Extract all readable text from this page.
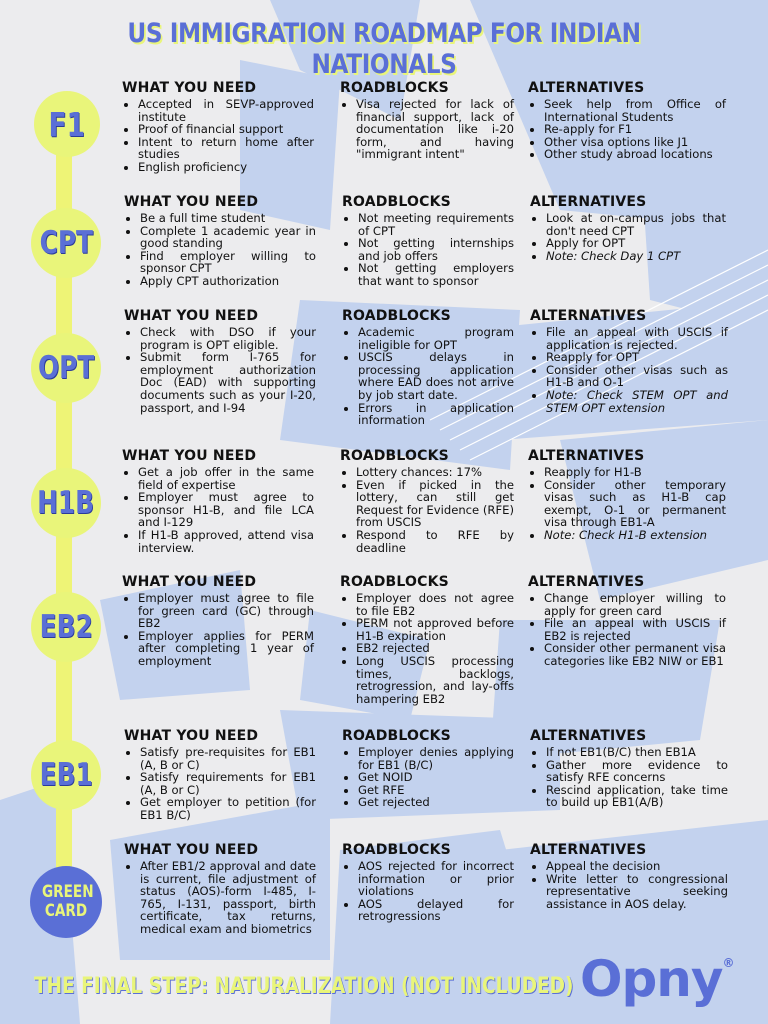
US IMMIGRATION ROADMAP FOR INDIAN NATIONALS
F1
CPT
OPT
H1B
EB2
EB1
GREEN CARD
WHAT YOU NEED
• Accepted in SEVP-approved institute
• Proof of financial support
• Intent to return home after studies
• English proficiency
ROADBLOCKS
• Visa rejected for lack of financial support, lack of documentation like i-20 form, and having "immigrant intent"
ALTERNATIVES
• Seek help from Office of International Students
• Re-apply for F1
• Other visa options like J1
• Other study abroad locations
WHAT YOU NEED
• Be a full time student
• Complete 1 academic year in good standing
• Find employer willing to sponsor CPT
• Apply CPT authorization
ROADBLOCKS
• Not meeting requirements of CPT
• Not getting internships and job offers
• Not getting employers that want to sponsor
ALTERNATIVES
• Look at on-campus jobs that don't need CPT
• Apply for OPT
• Note: Check Day 1 CPT
WHAT YOU NEED
• Check with DSO if your program is OPT eligible.
• Submit form I-765 for employment authorization Doc (EAD) with supporting documents such as your I-20, passport, and I-94
ROADBLOCKS
• Academic program ineligible for OPT
• USCIS delays in processing application where EAD does not arrive by job start date.
• Errors in application information
ALTERNATIVES
• File an appeal with USCIS if application is rejected.
• Reapply for OPT
• Consider other visas such as H1-B and O-1
• Note: Check STEM OPT and STEM OPT extension
WHAT YOU NEED
• Get a job offer in the same field of expertise
• Employer must agree to sponsor H1-B, and file LCA and I-129
• If H1-B approved, attend visa interview.
ROADBLOCKS
• Lottery chances: 17%
• Even if picked in the lottery, can still get Request for Evidence (RFE) from USCIS
• Respond to RFE by deadline
ALTERNATIVES
• Reapply for H1-B
• Consider other temporary visas such as H1-B cap exempt, O-1 or permanent visa through EB1-A
• Note: Check H1-B extension
WHAT YOU NEED
• Employer must agree to file for green card (GC) through EB2
• Employer applies for PERM after completing 1 year of employment
ROADBLOCKS
• Employer does not agree to file EB2
• PERM not approved before H1-B expiration
• EB2 rejected
• Long USCIS processing times, backlogs, retrogression, and lay-offs hampering EB2
ALTERNATIVES
• Change employer willing to apply for green card
• File an appeal with USCIS if EB2 is rejected
• Consider other permanent visa categories like EB2 NIW or EB1
WHAT YOU NEED
• Satisfy pre-requisites for EB1 (A, B or C)
• Satisfy requirements for EB1 (A, B or C)
• Get employer to petition (for EB1 B/C)
ROADBLOCKS
• Employer denies applying for EB1 (B/C)
• Get NOID
• Get RFE
• Get rejected
ALTERNATIVES
• If not EB1(B/C) then EB1A
• Gather more evidence to satisfy RFE concerns
• Rescind application, take time to build up EB1(A/B)
WHAT YOU NEED
• After EB1/2 approval and date is current, file adjustment of status (AOS)-form I-485, I-765, I-131, passport, birth certificate, tax returns, medical exam and biometrics
ROADBLOCKS
• AOS rejected for incorrect information or prior violations
• AOS delayed for retrogressions
ALTERNATIVES
• Appeal the decision
• Write letter to congressional representative seeking assistance in AOS delay.
THE FINAL STEP: NATURALIZATION (NOT INCLUDED) Opny®
